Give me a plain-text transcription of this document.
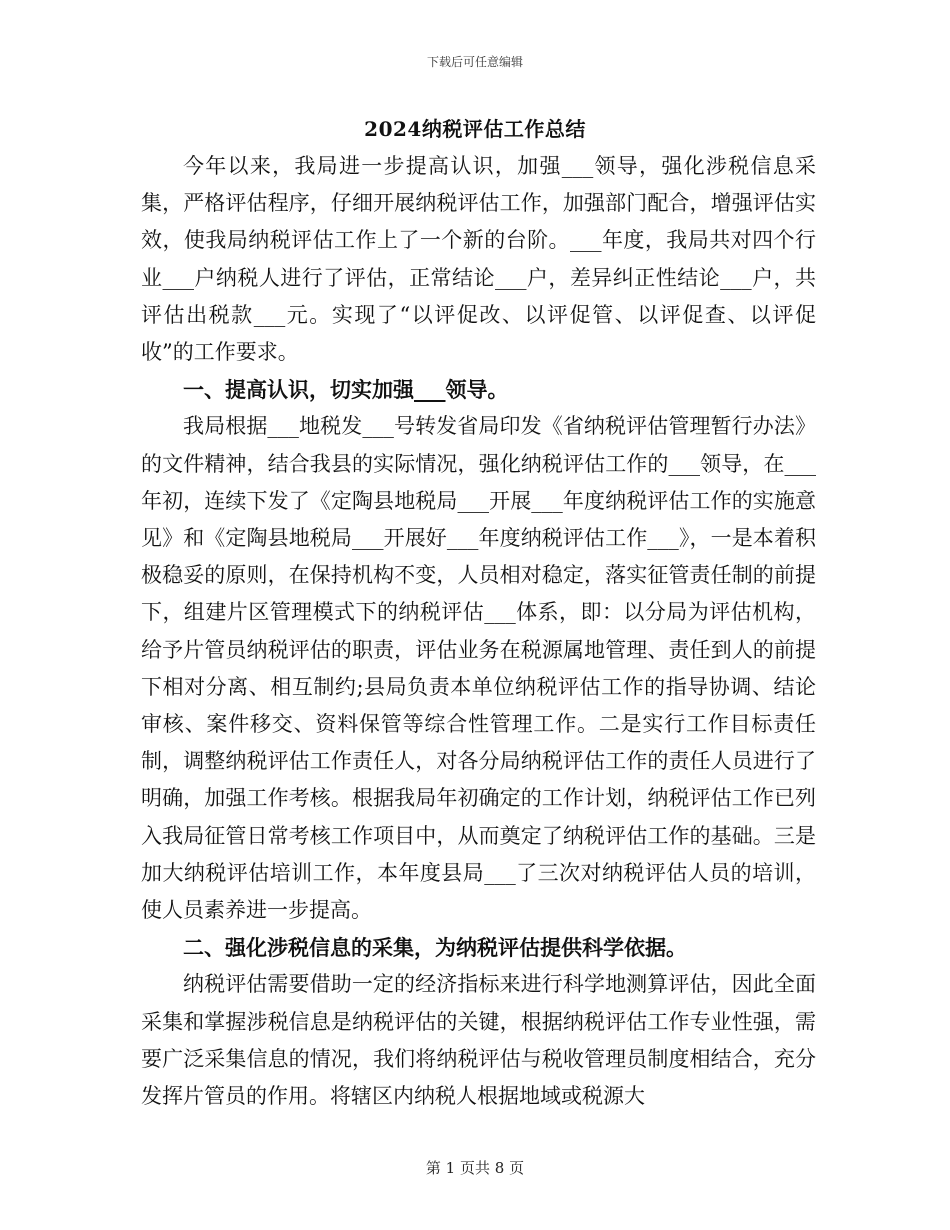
下载后可任意编辑
2024纳税评估工作总结

今年以来，我局进一步提高认识，加强___领导，强化涉税信息采集，严格评估程序，仔细开展纳税评估工作，加强部门配合，增强评估实效，使我局纳税评估工作上了一个新的台阶。___年度，我局共对四个行业___户纳税人进行了评估，正常结论___户，差异纠正性结论___户，共评估出税款___元。实现了“以评促改、以评促管、以评促查、以评促收”的工作要求。

一、提高认识，切实加强___领导。

我局根据___地税发___号转发省局印发《省纳税评估管理暂行办法》的文件精神，结合我县的实际情况，强化纳税评估工作的___领导，在___年初，连续下发了《定陶县地税局___开展___年度纳税评估工作的实施意见》和《定陶县地税局___开展好___年度纳税评估工作___》，一是本着积极稳妥的原则，在保持机构不变，人员相对稳定，落实征管责任制的前提下，组建片区管理模式下的纳税评估___体系，即：以分局为评估机构，给予片管员纳税评估的职责，评估业务在税源属地管理、责任到人的前提下相对分离、相互制约;县局负责本单位纳税评估工作的指导协调、结论审核、案件移交、资料保管等综合性管理工作。二是实行工作目标责任制，调整纳税评估工作责任人，对各分局纳税评估工作的责任人员进行了明确，加强工作考核。根据我局年初确定的工作计划，纳税评估工作已列入我局征管日常考核工作项目中，从而奠定了纳税评估工作的基础。三是加大纳税评估培训工作，本年度县局___了三次对纳税评估人员的培训，使人员素养进一步提高。

二、强化涉税信息的采集，为纳税评估提供科学依据。

纳税评估需要借助一定的经济指标来进行科学地测算评估，因此全面采集和掌握涉税信息是纳税评估的关键，根据纳税评估工作专业性强，需要广泛采集信息的情况，我们将纳税评估与税收管理员制度相结合，充分发挥片管员的作用。将辖区内纳税人根据地域或税源大

第 1 页共 8 页
